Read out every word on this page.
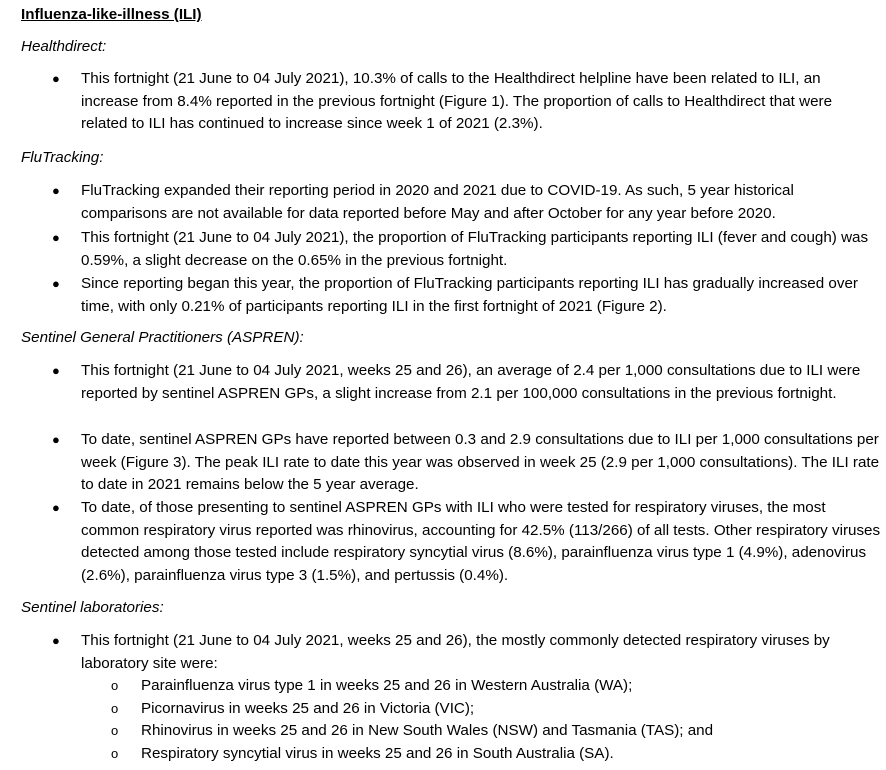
Influenza-like-illness (ILI)

Healthdirect:

● This fortnight (21 June to 04 July 2021), 10.3% of calls to the Healthdirect helpline have been related to ILI, an increase from 8.4% reported in the previous fortnight (Figure 1). The proportion of calls to Healthdirect that were related to ILI has continued to increase since week 1 of 2021 (2.3%).

FluTracking:

● FluTracking expanded their reporting period in 2020 and 2021 due to COVID-19. As such, 5 year historical comparisons are not available for data reported before May and after October for any year before 2020.

● This fortnight (21 June to 04 July 2021), the proportion of FluTracking participants reporting ILI (fever and cough) was 0.59%, a slight decrease on the 0.65% in the previous fortnight.

● Since reporting began this year, the proportion of FluTracking participants reporting ILI has gradually increased over time, with only 0.21% of participants reporting ILI in the first fortnight of 2021 (Figure 2).

Sentinel General Practitioners (ASPREN):

● This fortnight (21 June to 04 July 2021, weeks 25 and 26), an average of 2.4 per 1,000 consultations due to ILI were reported by sentinel ASPREN GPs, a slight increase from 2.1 per 100,000 consultations in the previous fortnight.

● To date, sentinel ASPREN GPs have reported between 0.3 and 2.9 consultations due to ILI per 1,000 consultations per week (Figure 3). The peak ILI rate to date this year was observed in week 25 (2.9 per 1,000 consultations). The ILI rate to date in 2021 remains below the 5 year average.

● To date, of those presenting to sentinel ASPREN GPs with ILI who were tested for respiratory viruses, the most common respiratory virus reported was rhinovirus, accounting for 42.5% (113/266) of all tests. Other respiratory viruses detected among those tested include respiratory syncytial virus (8.6%), parainfluenza virus type 1 (4.9%), adenovirus (2.6%), parainfluenza virus type 3 (1.5%), and pertussis (0.4%).

Sentinel laboratories:

● This fortnight (21 June to 04 July 2021, weeks 25 and 26), the mostly commonly detected respiratory viruses by laboratory site were:

o Parainfluenza virus type 1 in weeks 25 and 26 in Western Australia (WA);

o Picornavirus in weeks 25 and 26 in Victoria (VIC);

o Rhinovirus in weeks 25 and 26 in New South Wales (NSW) and Tasmania (TAS); and

o Respiratory syncytial virus in weeks 25 and 26 in South Australia (SA).
